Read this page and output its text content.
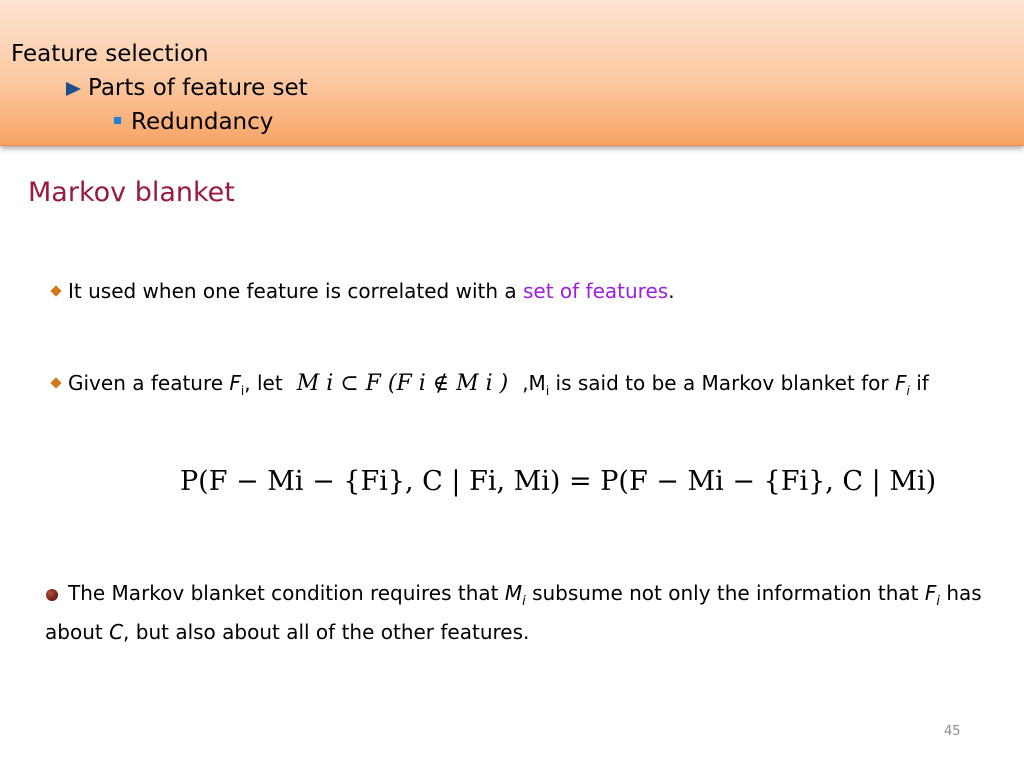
Feature selection
Parts of feature set
Redundancy
Markov blanket
It used when one feature is correlated with a set of features.
Given a feature $F_i$, let M i ⊂ F (F i ∉ M i ) $,M_i$ is said to be a Markov blanket for $F_i$ if
P(F − Mi − {Fi}, C | Fi, Mi) = P(F − Mi − {Fi}, C | Mi)
The Markov blanket condition requires that $M_i$ subsume not only the information that $F_i$ has about C, but also about all of the other features.
45
